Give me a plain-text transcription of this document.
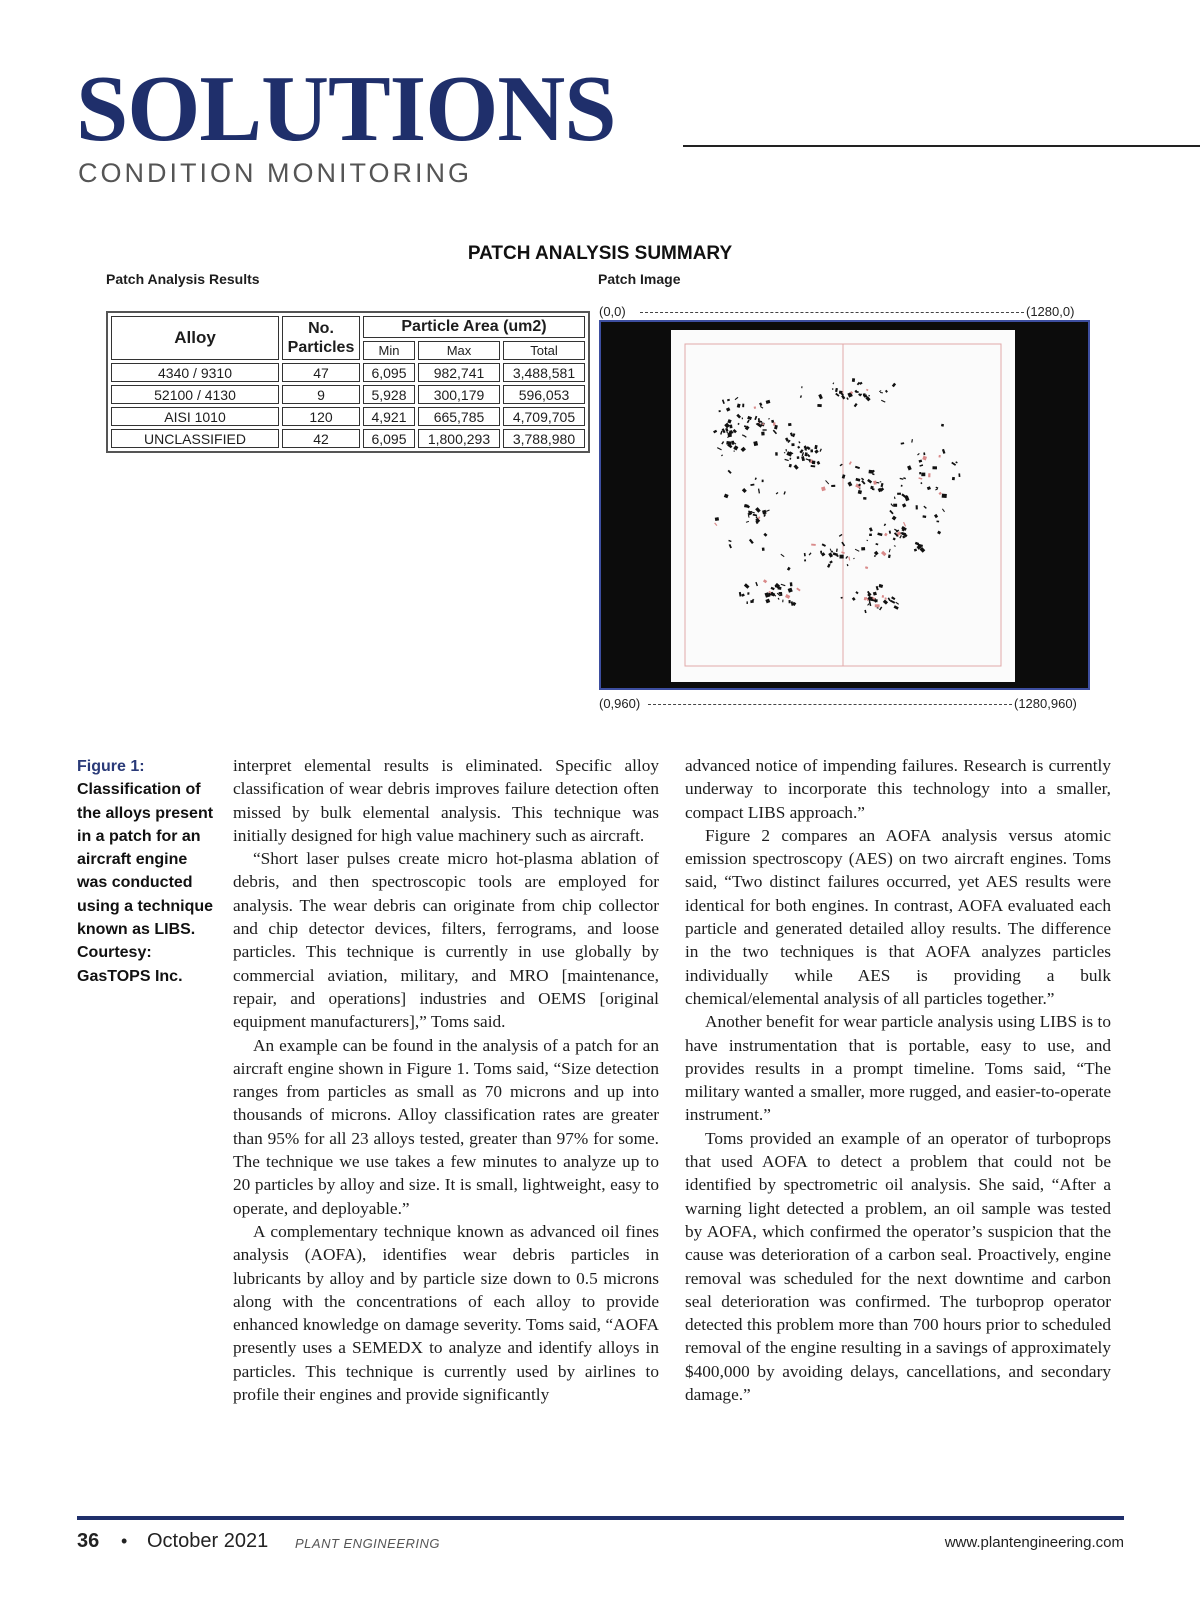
SOLUTIONS
CONDITION MONITORING
PATCH ANALYSIS SUMMARY
Patch Analysis Results	Patch Image
Alloy	No.
Particles	Particle Area (um2)		
		Min	Max	Total
4340 / 9310	47	6,095	982,741	3,488,581
52100 / 4130	9	5,928	300,179	596,053
AISI 1010	120	4,921	665,785	4,709,705
UNCLASSIFIED	42	6,095	1,800,293	3,788,980
(0,0)	(1280,0)
(0,960)	(1280,960)
Figure 1:
Classification of the alloys present in a patch for an aircraft engine was conducted using a technique known as LIBS. Courtesy: GasTOPS Inc.

interpret elemental results is eliminated. Specific alloy classification of wear debris improves failure detection often missed by bulk elemental analysis. This technique was initially designed for high value machinery such as aircraft.

“Short laser pulses create micro hot-plasma ablation of debris, and then spectroscopic tools are employed for analysis. The wear debris can originate from chip collector and chip detector devices, filters, ferrograms, and loose particles. This technique is currently in use globally by commercial aviation, military, and MRO [maintenance, repair, and operations] industries and OEMS [original equipment manufacturers],” Toms said.

An example can be found in the analysis of a patch for an aircraft engine shown in Figure 1. Toms said, “Size detection ranges from particles as small as 70 microns and up into thousands of microns. Alloy classification rates are greater than 95% for all 23 alloys tested, greater than 97% for some. The technique we use takes a few minutes to analyze up to 20 particles by alloy and size. It is small, lightweight, easy to operate, and deployable.”

A complementary technique known as advanced oil fines analysis (AOFA), identifies wear debris particles in lubricants by alloy and by particle size down to 0.5 microns along with the concentrations of each alloy to provide enhanced knowledge on damage severity. Toms said, “AOFA presently uses a SEMEDX to analyze and identify alloys in particles. This technique is currently used by airlines to profile their engines and provide significantly

advanced notice of impending failures. Research is currently underway to incorporate this technology into a smaller, compact LIBS approach.”

Figure 2 compares an AOFA analysis versus atomic emission spectroscopy (AES) on two aircraft engines. Toms said, “Two distinct failures occurred, yet AES results were identical for both engines. In contrast, AOFA evaluated each particle and generated detailed alloy results. The difference in the two techniques is that AOFA analyzes particles individually while AES is providing a bulk chemical/elemental analysis of all particles together.”

Another benefit for wear particle analysis using LIBS is to have instrumentation that is portable, easy to use, and provides results in a prompt timeline. Toms said, “The military wanted a smaller, more rugged, and easier-to-operate instrument.”

Toms provided an example of an operator of turboprops that used AOFA to detect a problem that could not be identified by spectrometric oil analysis. She said, “After a warning light detected a problem, an oil sample was tested by AOFA, which confirmed the operator’s suspicion that the cause was deterioration of a carbon seal. Proactively, engine removal was scheduled for the next downtime and carbon seal deterioration was confirmed. The turboprop operator detected this problem more than 700 hours prior to scheduled removal of the engine resulting in a savings of approximately $400,000 by avoiding delays, cancellations, and secondary damage.”

36 • October 2021 PLANT ENGINEERING	www.plantengineering.com
